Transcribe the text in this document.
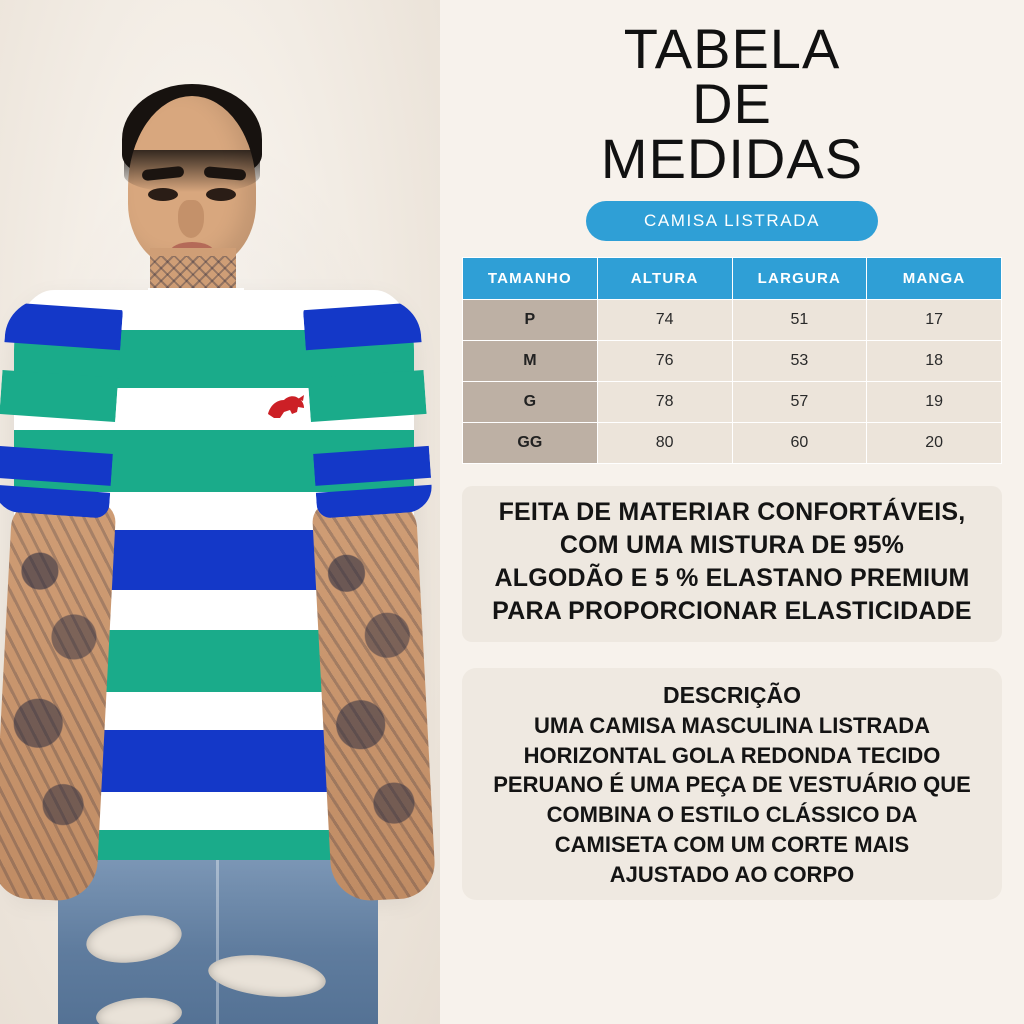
TABELA
DE
MEDIDAS
CAMISA LISTRADA
TAMANHO	ALTURA	LARGURA	MANGA
P	74	51	17
M	76	53	18
G	78	57	19
GG	80	60	20

FEITA DE MATERIAR CONFORTÁVEIS,

COM UMA MISTURA DE 95%

ALGODÃO E 5 % ELASTANO PREMIUM

PARA PROPORCIONAR ELASTICIDADE

DESCRIÇÃO

UMA CAMISA MASCULINA LISTRADA

HORIZONTAL GOLA REDONDA TECIDO

PERUANO É UMA PEÇA DE VESTUÁRIO QUE

COMBINA O ESTILO CLÁSSICO DA

CAMISETA COM UM CORTE MAIS

AJUSTADO AO CORPO
